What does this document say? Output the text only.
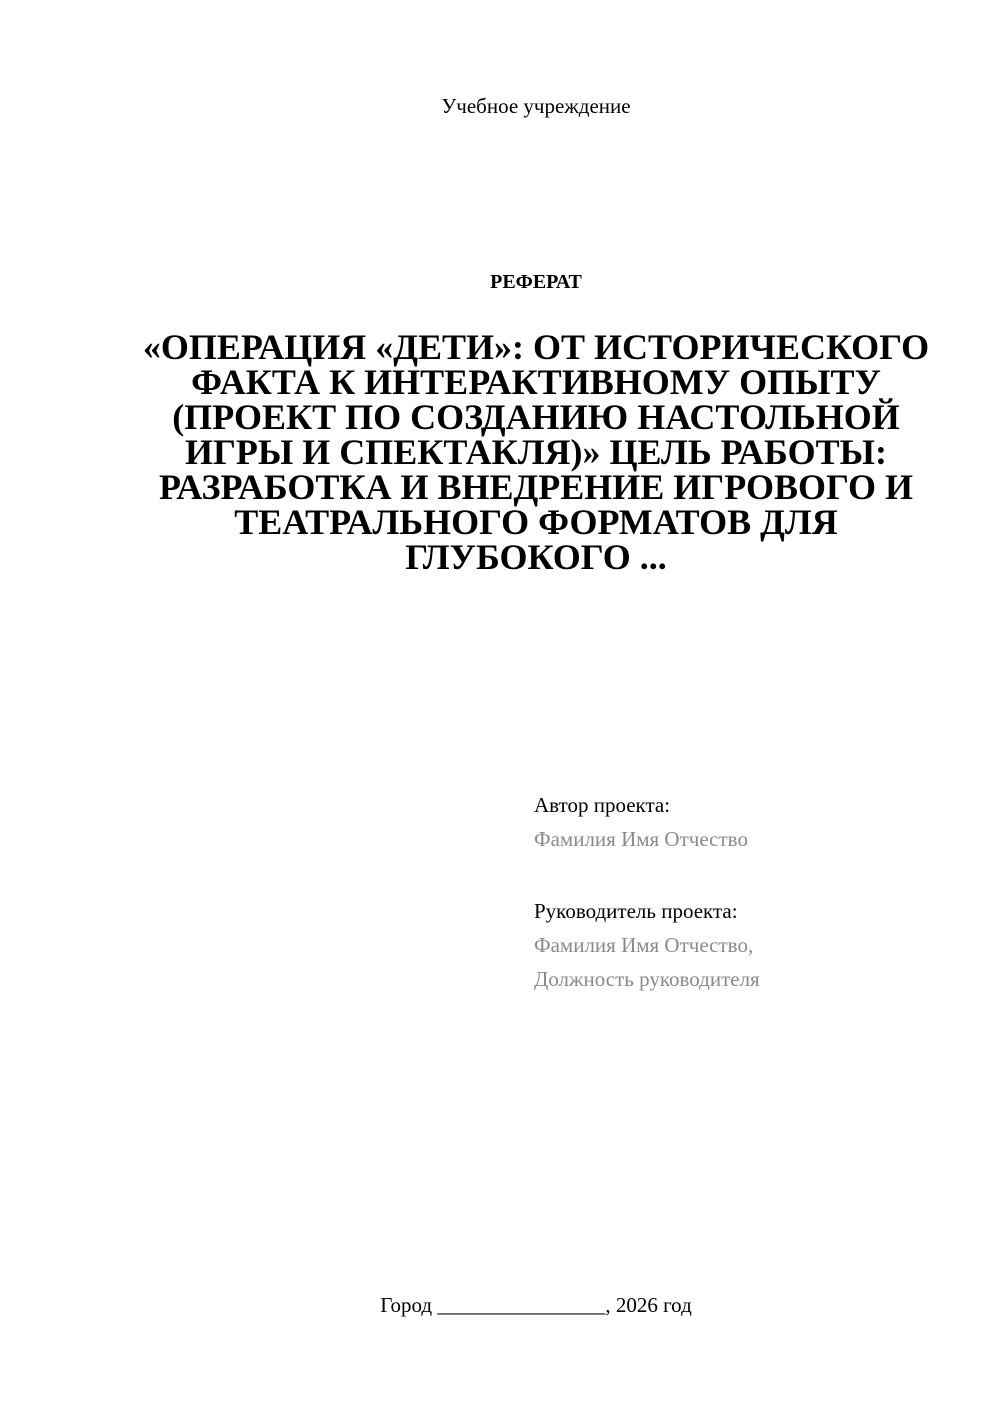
Учебное учреждение
РЕФЕРАТ
«ОПЕРАЦИЯ «ДЕТИ»: ОТ ИСТОРИЧЕСКОГО ФАКТА К ИНТЕРАКТИВНОМУ ОПЫТУ (ПРОЕКТ ПО СОЗДАНИЮ НАСТОЛЬНОЙ ИГРЫ И СПЕКТАКЛЯ)» ЦЕЛЬ РАБОТЫ: РАЗРАБОТКА И ВНЕДРЕНИЕ ИГРОВОГО И ТЕАТРАЛЬНОГО ФОРМАТОВ ДЛЯ ГЛУБОКОГО ...
Автор проекта:
Фамилия Имя Отчество
Руководитель проекта:
Фамилия Имя Отчество,
Должность руководителя
Город ________________, 2026 год
